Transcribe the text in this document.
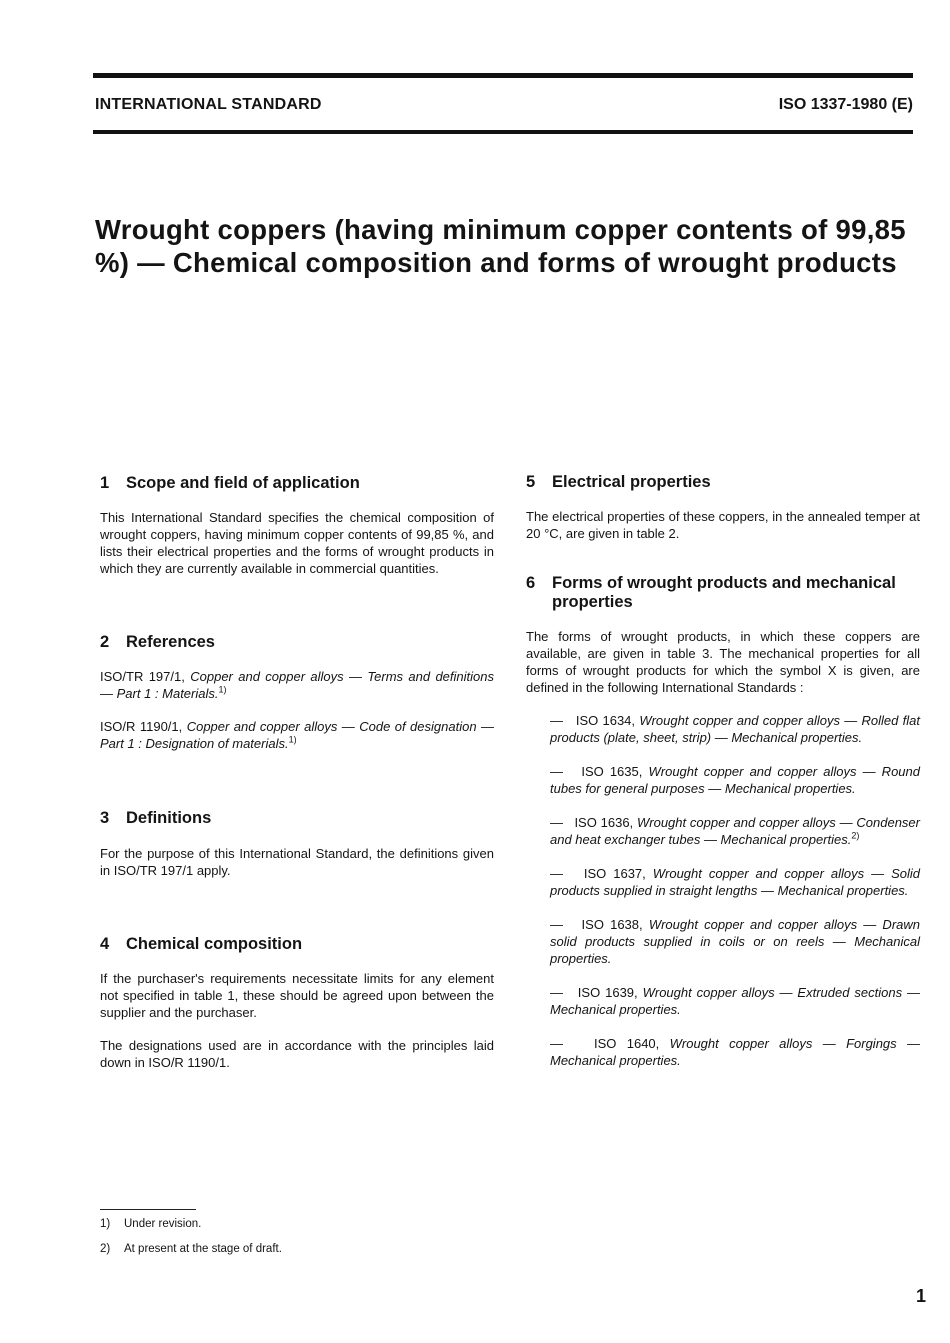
INTERNATIONAL STANDARD	ISO 1337-1980 (E)
Wrought coppers (having minimum copper contents of 99,85 %) — Chemical composition and forms of wrought products
1 Scope and field of application

This International Standard specifies the chemical composition of wrought coppers, having minimum copper contents of 99,85 %, and lists their electrical properties and the forms of wrought products in which they are currently available in commercial quantities.

2 References

ISO/TR 197/1, Copper and copper alloys — Terms and definitions — Part 1 : Materials.$^{1)}$

ISO/R 1190/1, Copper and copper alloys — Code of designation — Part 1 : Designation of materials.$^{1)}$

3 Definitions

For the purpose of this International Standard, the definitions given in ISO/TR 197/1 apply.

4 Chemical composition

If the purchaser's requirements necessitate limits for any element not specified in table 1, these should be agreed upon between the supplier and the purchaser.

The designations used are in accordance with the principles laid down in ISO/R 1190/1.

5 Electrical properties

The electrical properties of these coppers, in the annealed temper at 20 °C, are given in table 2.

6	Forms of wrought products and mechanical properties

The forms of wrought products, in which these coppers are available, are given in table 3. The mechanical properties for all forms of wrought products for which the symbol X is given, are defined in the following International Standards :

— ISO 1634, Wrought copper and copper alloys — Rolled flat products (plate, sheet, strip) — Mechanical properties.

— ISO 1635, Wrought copper and copper alloys — Round tubes for general purposes — Mechanical properties.

— ISO 1636, Wrought copper and copper alloys — Condenser and heat exchanger tubes — Mechanical properties.$^{2)}$

— ISO 1637, Wrought copper and copper alloys — Solid products supplied in straight lengths — Mechanical properties.

— ISO 1638, Wrought copper and copper alloys — Drawn solid products supplied in coils or on reels — Mechanical properties.

— ISO 1639, Wrought copper alloys — Extruded sections — Mechanical properties.

— ISO 1640, Wrought copper alloys — Forgings — Mechanical properties.

1) Under revision.
2) At present at the stage of draft.
1
